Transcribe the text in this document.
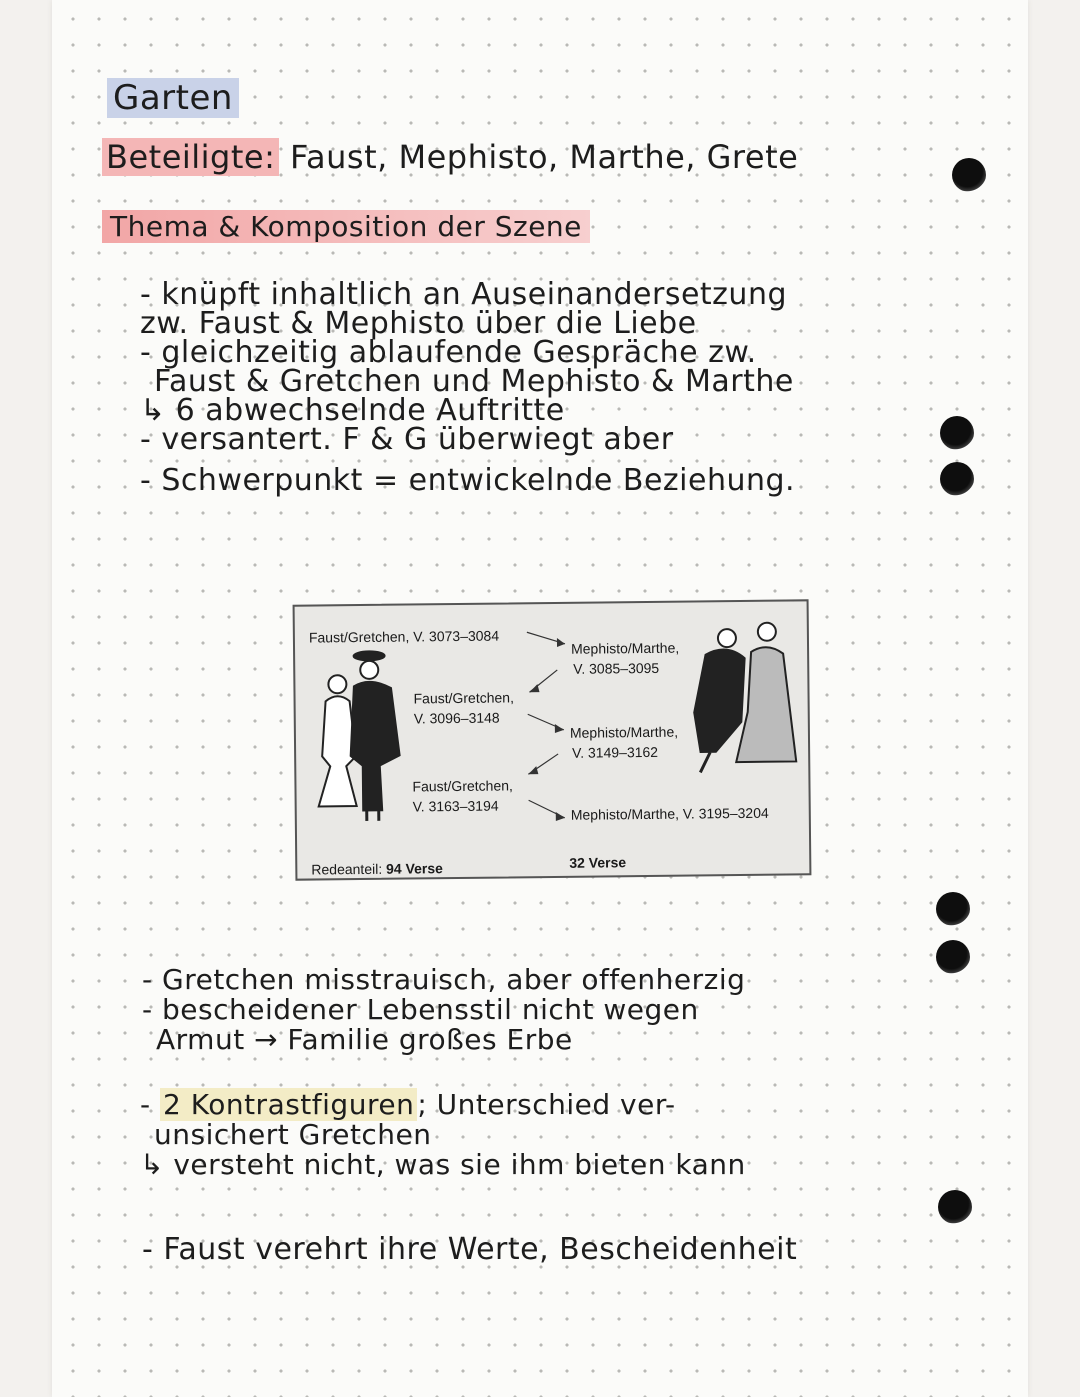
Garten
Beteiligte: Faust, Mephisto, Marthe, Grete
Thema & Komposition der Szene
- knüpft inhaltlich an Auseinandersetzung
zw. Faust & Mephisto über die Liebe
- gleichzeitig ablaufende Gespräche zw.
Faust & Gretchen und Mephisto & Marthe
↳ 6 abwechselnde Auftritte
- versantert. F & G überwiegt aber
- Schwerpunkt = entwickelnde Beziehung.
Faust/Gretchen, V. 3073–3084
Mephisto/Marthe,
V. 3085–3095
Faust/Gretchen,
V. 3096–3148
Mephisto/Marthe,
V. 3149–3162
Faust/Gretchen,
V. 3163–3194	Mephisto/Marthe, V. 3195–3204
Redeanteil: 94 Verse	32 Verse
- Gretchen misstrauisch, aber offenherzig
- bescheidener Lebensstil nicht wegen
Armut → Familie großes Erbe
- 2 Kontrastfiguren ; Unterschied ver-
unsichert Gretchen
↳ versteht nicht, was sie ihm bieten kann
- Faust verehrt ihre Werte, Bescheidenheit
